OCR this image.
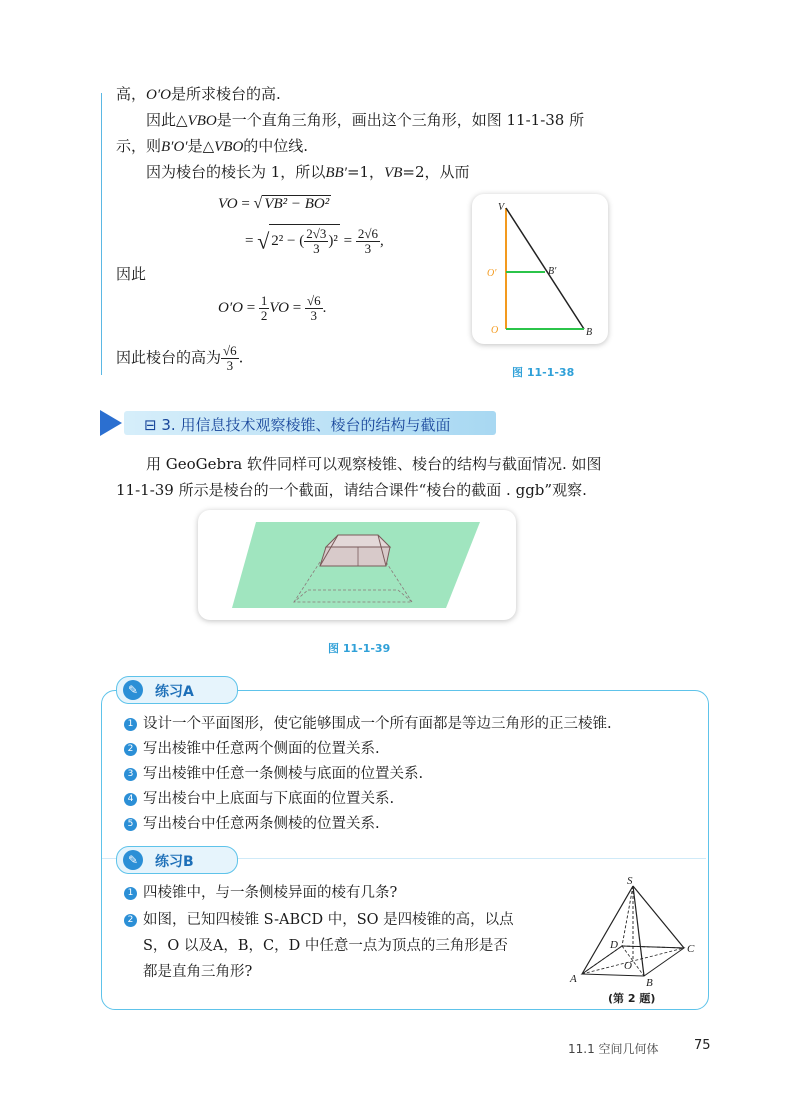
高，O′O是所求棱台的高.
因此△VBO是一个直角三角形，画出这个三角形，如图 11-1-38 所
示，则B′O′是△VBO的中位线.
因为棱台的棱长为 1，所以BB′=1，VB=2，从而
VO = √ VB² − BO²
= √ 2² − ( $\frac{2√3}{3} )^2 = \frac{2√6}{3}$ ,
因此
$O'O = \frac{1}{2}$ VO = $\frac{√6}{3}$ .
因此棱台的高为 $\frac{√6}{3}$ .
V
O′	B′
O	B
图 11-1-38
⊟ 3. 用信息技术观察棱锥、棱台的结构与截面
用 GeoGebra 软件同样可以观察棱锥、棱台的结构与截面情况. 如图
11-1-39 所示是棱台的一个截面，请结合课件“棱台的截面 . ggb”观察.
图 11-1-39
✎	练习A
1 设计一个平面图形，使它能够围成一个所有面都是等边三角形的正三棱锥.
2 写出棱锥中任意两个侧面的位置关系.
3 写出棱锥中任意一条侧棱与底面的位置关系.
4 写出棱台中上底面与下底面的位置关系.
5 写出棱台中任意两条侧棱的位置关系.
✎	练习B
1 四棱锥中，与一条侧棱异面的棱有几条?
2 如图，已知四棱锥 S-ABCD 中，SO 是四棱锥的高，以点
S，O 以及A，B，C，D 中任意一点为顶点的三角形是否
都是直角三角形?
S
D	C
A
O
B
(第 2 题)
11.1 空间几何体	75
